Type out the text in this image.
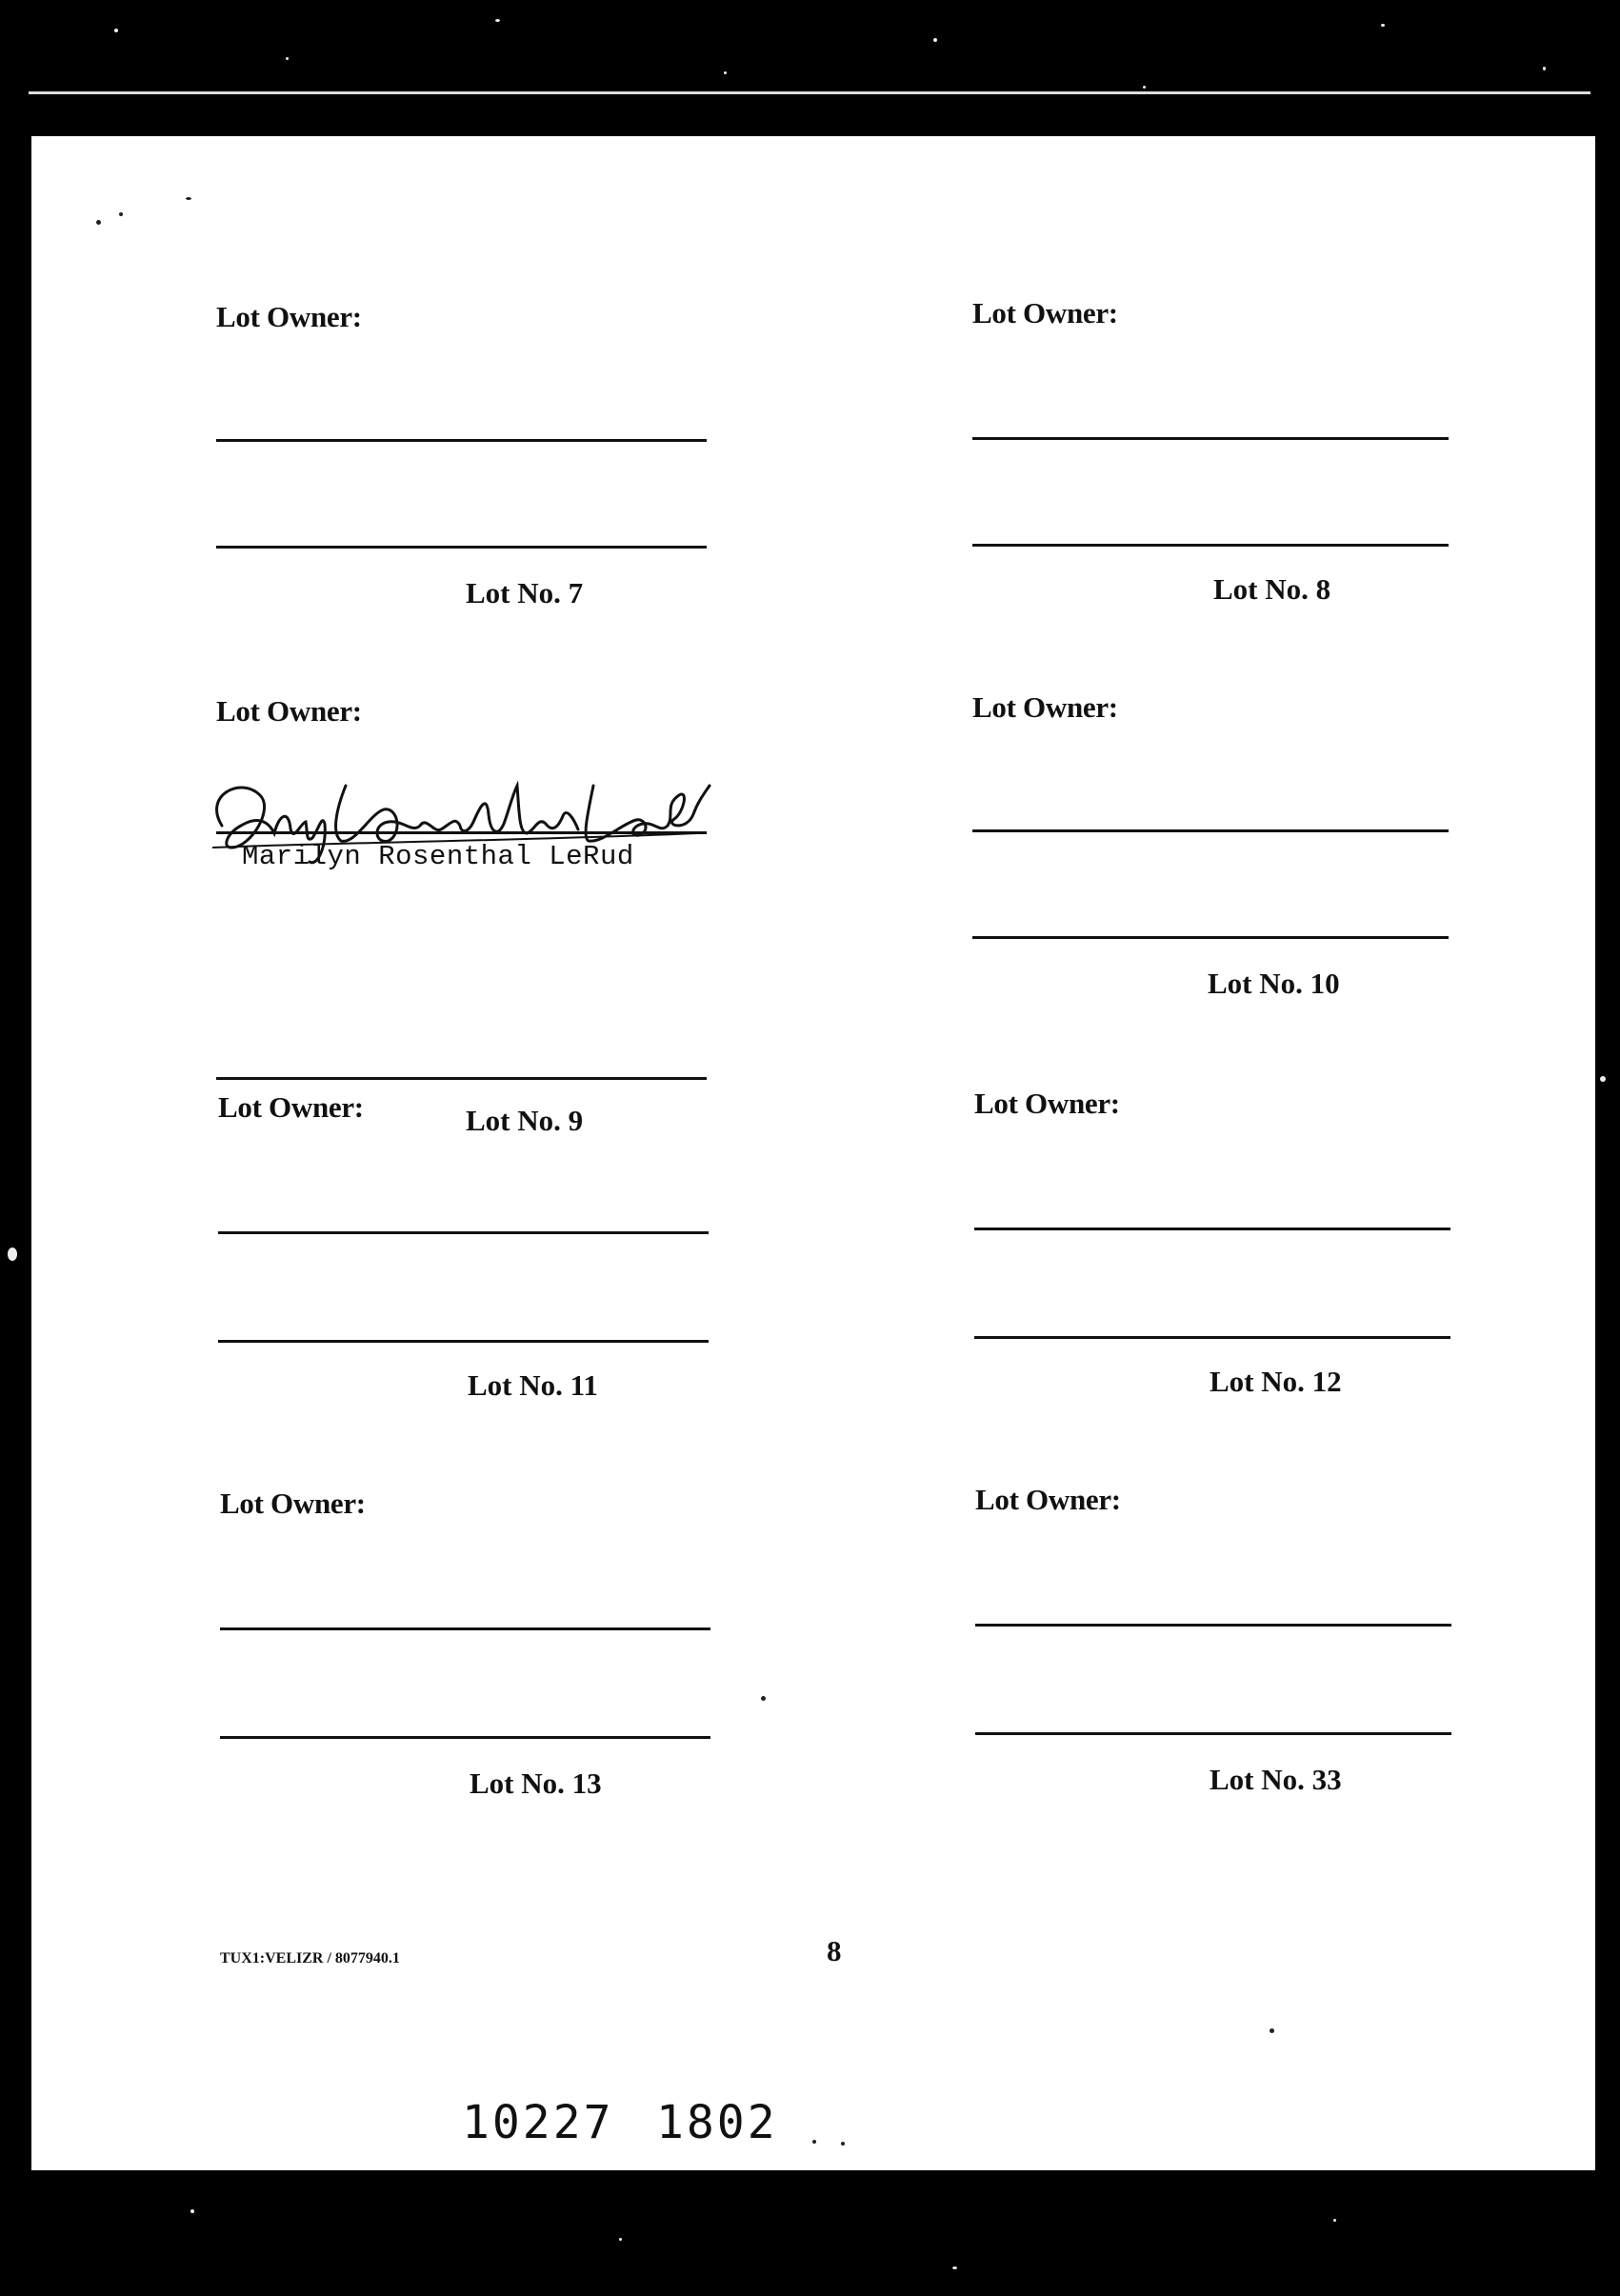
Lot Owner:
Lot No. 7
Lot Owner:
Lot No. 8
Lot Owner:
Lot No. 9
Lot Owner:
Lot No. 10
Marilyn Rosenthal LeRud
Lot Owner:
Lot No. 11
Lot Owner:
Lot No. 12
Lot Owner:
Lot No. 13
Lot Owner:
Lot No. 33
TUX1:VELIZR / 8077940.1	8
10227 1802
